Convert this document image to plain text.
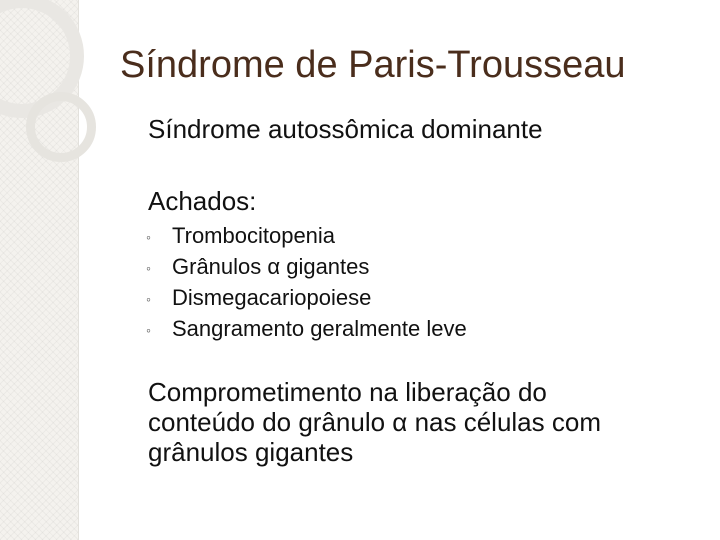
Síndrome de Paris-Trousseau
Síndrome autossômica dominante
Achados:
◦ Trombocitopenia
◦ Grânulos α gigantes
◦ Dismegacariopoiese
◦ Sangramento geralmente leve
Comprometimento na liberação do
conteúdo do grânulo α nas células com
grânulos gigantes
